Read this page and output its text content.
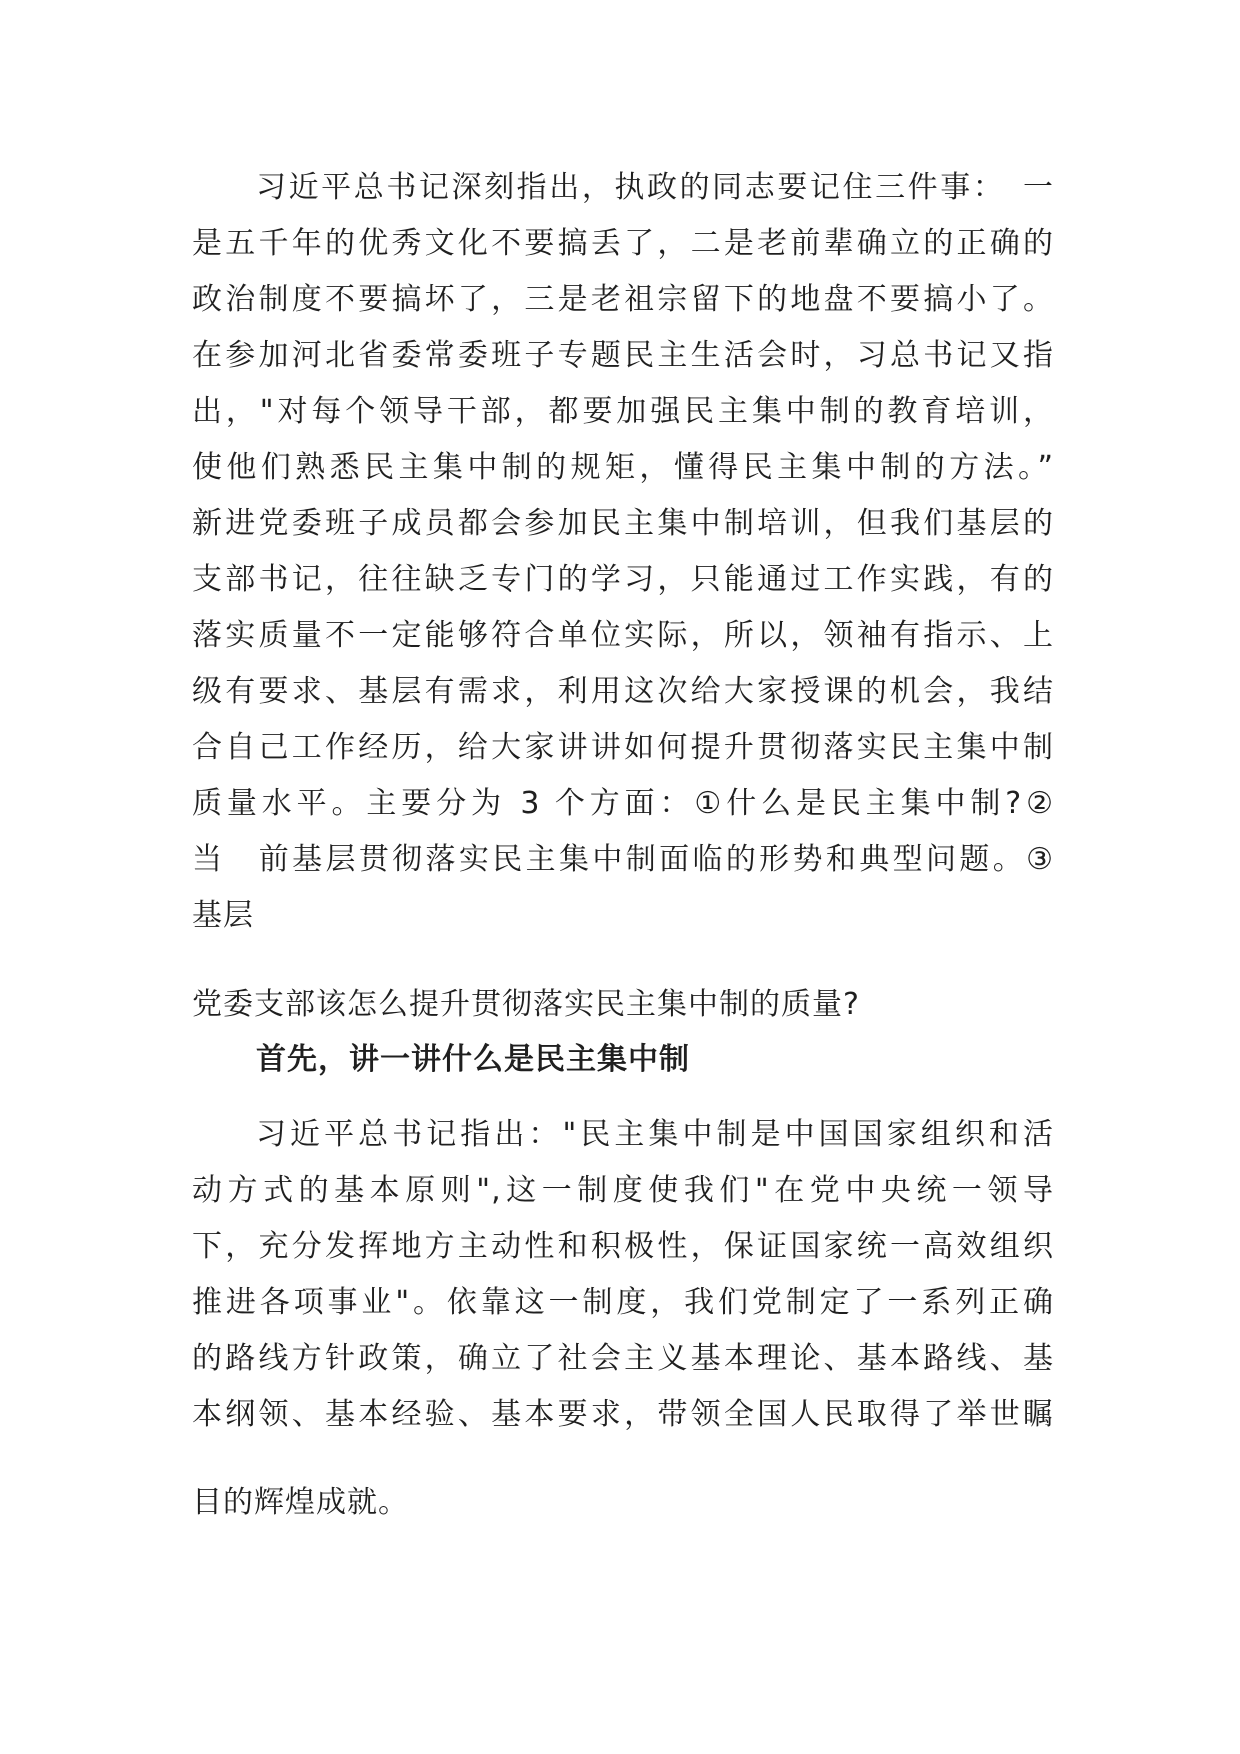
习近平总书记深刻指出，执政的同志要记住三件事：　一
是五千年的优秀文化不要搞丢了，二是老前辈确立的正确的
政治制度不要搞坏了，三是老祖宗留下的地盘不要搞小了。
在参加河北省委常委班子专题民主生活会时，习总书记又指
出，"对每个领导干部，都要加强民主集中制的教育培训，
使他们熟悉民主集中制的规矩，懂得民主集中制的方法。”
新进党委班子成员都会参加民主集中制培训，但我们基层的
支部书记，往往缺乏专门的学习，只能通过工作实践，有的
落实质量不一定能够符合单位实际，所以，领袖有指示、上
级有要求、基层有需求，利用这次给大家授课的机会，我结
合自己工作经历，给大家讲讲如何提升贯彻落实民主集中制
质量水平。主要分为 3 个方面：①什么是民主集中制?②
当　前基层贯彻落实民主集中制面临的形势和典型问题。③
基层
党委支部该怎么提升贯彻落实民主集中制的质量?
首先，讲一讲什么是民主集中制
习近平总书记指出："民主集中制是中国国家组织和活
动方式的基本原则",这一制度使我们"在党中央统一领导
下，充分发挥地方主动性和积极性，保证国家统一高效组织
推进各项事业"。依靠这一制度，我们党制定了一系列正确
的路线方针政策，确立了社会主义基本理论、基本路线、基
本纲领、基本经验、基本要求，带领全国人民取得了举世瞩
目的辉煌成就。
